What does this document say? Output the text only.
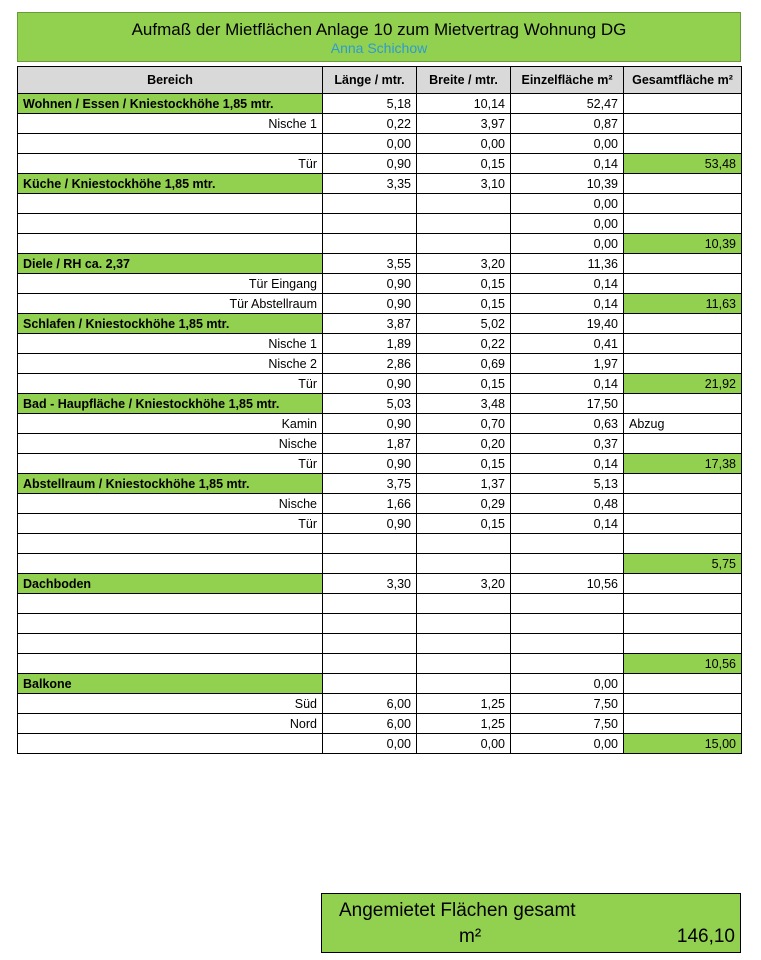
Aufmaß der Mietflächen Anlage 10 zum Mietvertrag Wohnung DG
Anna Schichow
Bereich	Länge / mtr.	Breite / mtr.	Einzelfläche m²	Gesamtfläche m²
Wohnen / Essen / Kniestockhöhe 1,85 mtr.	5,18	10,14	52,47	
Nische 1	0,22	3,97	0,87	
	0,00	0,00	0,00	
Tür	0,90	0,15	0,14	53,48
Küche / Kniestockhöhe 1,85 mtr.	3,35	3,10	10,39	
			0,00	
			0,00	
			0,00	10,39
Diele / RH ca. 2,37	3,55	3,20	11,36	
Tür Eingang	0,90	0,15	0,14	
Tür Abstellraum	0,90	0,15	0,14	11,63
Schlafen / Kniestockhöhe 1,85 mtr.	3,87	5,02	19,40	
Nische 1	1,89	0,22	0,41	
Nische 2	2,86	0,69	1,97	
Tür	0,90	0,15	0,14	21,92
Bad - Haupfläche / Kniestockhöhe 1,85 mtr.	5,03	3,48	17,50	
Kamin	0,90	0,70	0,63	Abzug
Nische	1,87	0,20	0,37	
Tür	0,90	0,15	0,14	17,38
Abstellraum / Kniestockhöhe 1,85 mtr.	3,75	1,37	5,13	
Nische	1,66	0,29	0,48	
Tür	0,90	0,15	0,14	

				5,75
Dachboden	3,30	3,20	10,56	

				10,56
Balkone			0,00	
Süd	6,00	1,25	7,50	
Nord	6,00	1,25	7,50	
	0,00	0,00	0,00	15,00
Angemietet Flächen gesamt
m²	146,10
